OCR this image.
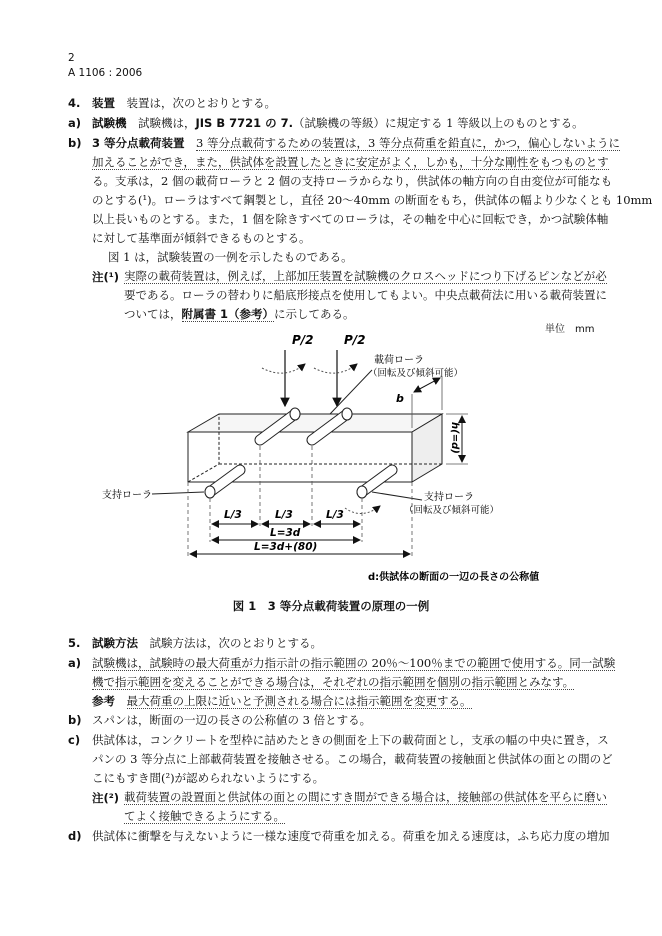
2
A 1106 : 2006
4. 装置　 装置は，次のとおりとする。
a) 試験機　 試験機は，JIS B 7721 の 7.（試験機の等級）に規定する 1 等級以上のものとする。
b) 3 等分点載荷装置　 3 等分点載荷するための装置は，3 等分点荷重を鉛直に，かつ，偏心しないように
加えることができ，また，供試体を設置したときに安定がよく，しかも，十分な剛性をもつものとす
る。支承は，2 個の載荷ローラと 2 個の支持ローラからなり，供試体の軸方向の自由変位が可能なも
のとする(¹)。ローラはすべて鋼製とし，直径 20～40mm の断面をもち，供試体の幅より少なくとも 10mm
以上長いものとする。また，1 個を除きすべてのローラは，その軸を中心に回転でき，かつ試験体軸
に対して基準面が傾斜できるものとする。
図 1 は，試験装置の一例を示したものである。
注(¹) 実際の載荷装置は，例えば，上部加圧装置を試験機のクロスヘッドにつり下げるピンなどが必
要である。ローラの替わりに船底形接点を使用してもよい。中央点載荷法に用いる載荷装置に
ついては，附属書 1（参考）に示してある。
単位　mm
P/2	P/2
載荷ローラ
（回転及び傾斜可能）
支持ローラ	支持ローラ
（回転及び傾斜可能）
b
h(=d)
L/3	L/3	L/3
L=3d
L=3d+(80)
d:供試体の断面の一辺の長さの公称値
図 1　3 等分点載荷装置の原理の一例
5. 試験方法　 試験方法は，次のとおりとする。
a) 試験機は，試験時の最大荷重が力指示計の指示範囲の 20％～100％までの範囲で使用する。同一試験
機で指示範囲を変えることができる場合は，それぞれの指示範囲を個別の指示範囲とみなす。
参考　 最大荷重の上限に近いと予測される場合には指示範囲を変更する。
b) スパンは，断面の一辺の長さの公称値の 3 倍とする。
c) 供試体は，コンクリートを型枠に詰めたときの側面を上下の載荷面とし，支承の幅の中央に置き，ス
パンの 3 等分点に上部載荷装置を接触させる。この場合，載荷装置の接触面と供試体の面との間のど
こにもすき間(²)が認められないようにする。
注(²) 載荷装置の設置面と供試体の面との間にすき間ができる場合は，接触部の供試体を平らに磨い
てよく接触できるようにする。
d) 供試体に衝撃を与えないように一様な速度で荷重を加える。荷重を加える速度は，ふち応力度の増加
